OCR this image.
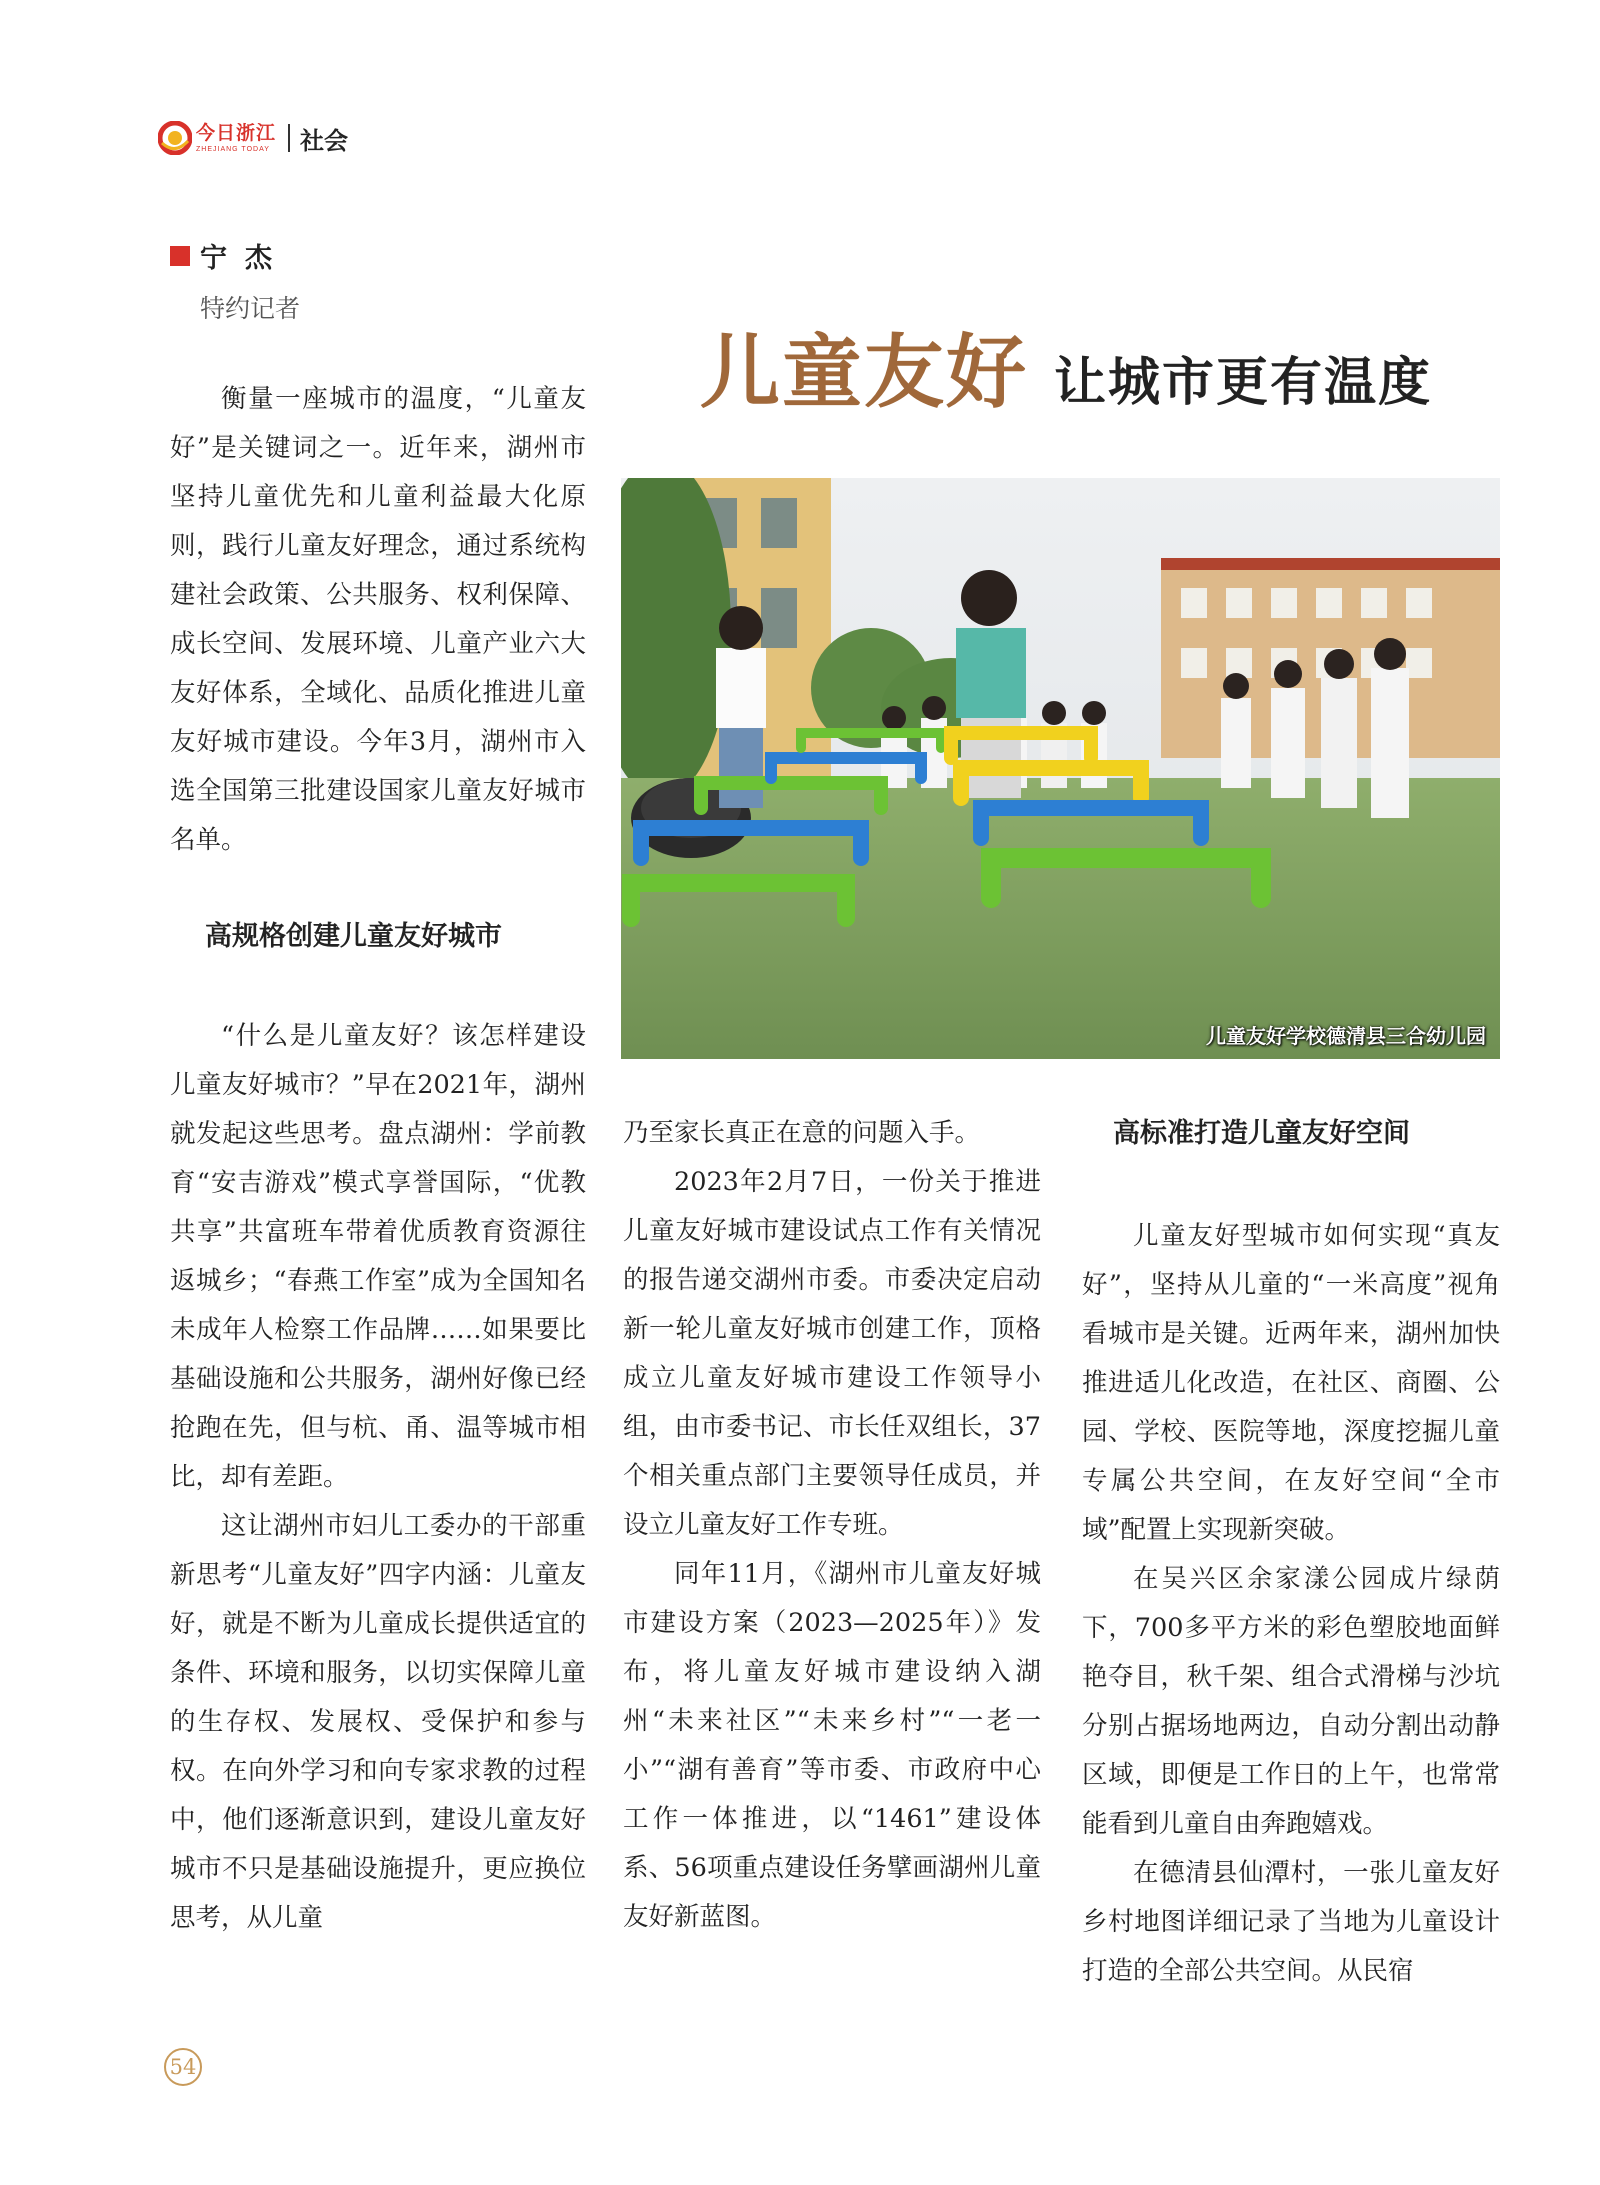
今日浙江
ZHEJIANG TODAY 社会
宁杰
特约记者
儿童友好 让城市更有温度
儿童友好学校德清县三合幼儿园

衡量一座城市的温度，“儿童友好”是关键词之一。近年来，湖州市坚持儿童优先和儿童利益最大化原则，践行儿童友好理念，通过系统构建社会政策、公共服务、权利保障、成长空间、发展环境、儿童产业六大友好体系，全域化、品质化推进儿童友好城市建设。今年3月，湖州市入选全国第三批建设国家儿童友好城市名单。

高规格创建儿童友好城市

“什么是儿童友好？该怎样建设儿童友好城市？”早在2021年，湖州就发起这些思考。盘点湖州：学前教育“安吉游戏”模式享誉国际，“优教共享”共富班车带着优质教育资源往返城乡；“春燕工作室”成为全国知名未成年人检察工作品牌……如果要比基础设施和公共服务，湖州好像已经抢跑在先，但与杭、甬、温等城市相比，却有差距。

这让湖州市妇儿工委办的干部重新思考“儿童友好”四字内涵：儿童友好，就是不断为儿童成长提供适宜的条件、环境和服务，以切实保障儿童的生存权、发展权、受保护和参与权。在向外学习和向专家求教的过程中，他们逐渐意识到，建设儿童友好城市不只是基础设施提升，更应换位思考，从儿童

乃至家长真正在意的问题入手。

2023年2月7日，一份关于推进儿童友好城市建设试点工作有关情况的报告递交湖州市委。市委决定启动新一轮儿童友好城市创建工作，顶格成立儿童友好城市建设工作领导小组，由市委书记、市长任双组长，37个相关重点部门主要领导任成员，并设立儿童友好工作专班。

同年11月，《湖州市儿童友好城市建设方案（2023—2025年）》发布，将儿童友好城市建设纳入湖州“未来社区”“未来乡村”“一老一小”“湖有善育”等市委、市政府中心工作一体推进，以“1461”建设体系、56项重点建设任务擘画湖州儿童友好新蓝图。

高标准打造儿童友好空间

儿童友好型城市如何实现“真友好”，坚持从儿童的“一米高度”视角看城市是关键。近两年来，湖州加快推进适儿化改造，在社区、商圈、公园、学校、医院等地，深度挖掘儿童专属公共空间，在友好空间“全市域”配置上实现新突破。

在吴兴区余家漾公园成片绿荫下，700多平方米的彩色塑胶地面鲜艳夺目，秋千架、组合式滑梯与沙坑分别占据场地两边，自动分割出动静区域，即便是工作日的上午，也常常能看到儿童自由奔跑嬉戏。

在德清县仙潭村，一张儿童友好乡村地图详细记录了当地为儿童设计打造的全部公共空间。从民宿

54
